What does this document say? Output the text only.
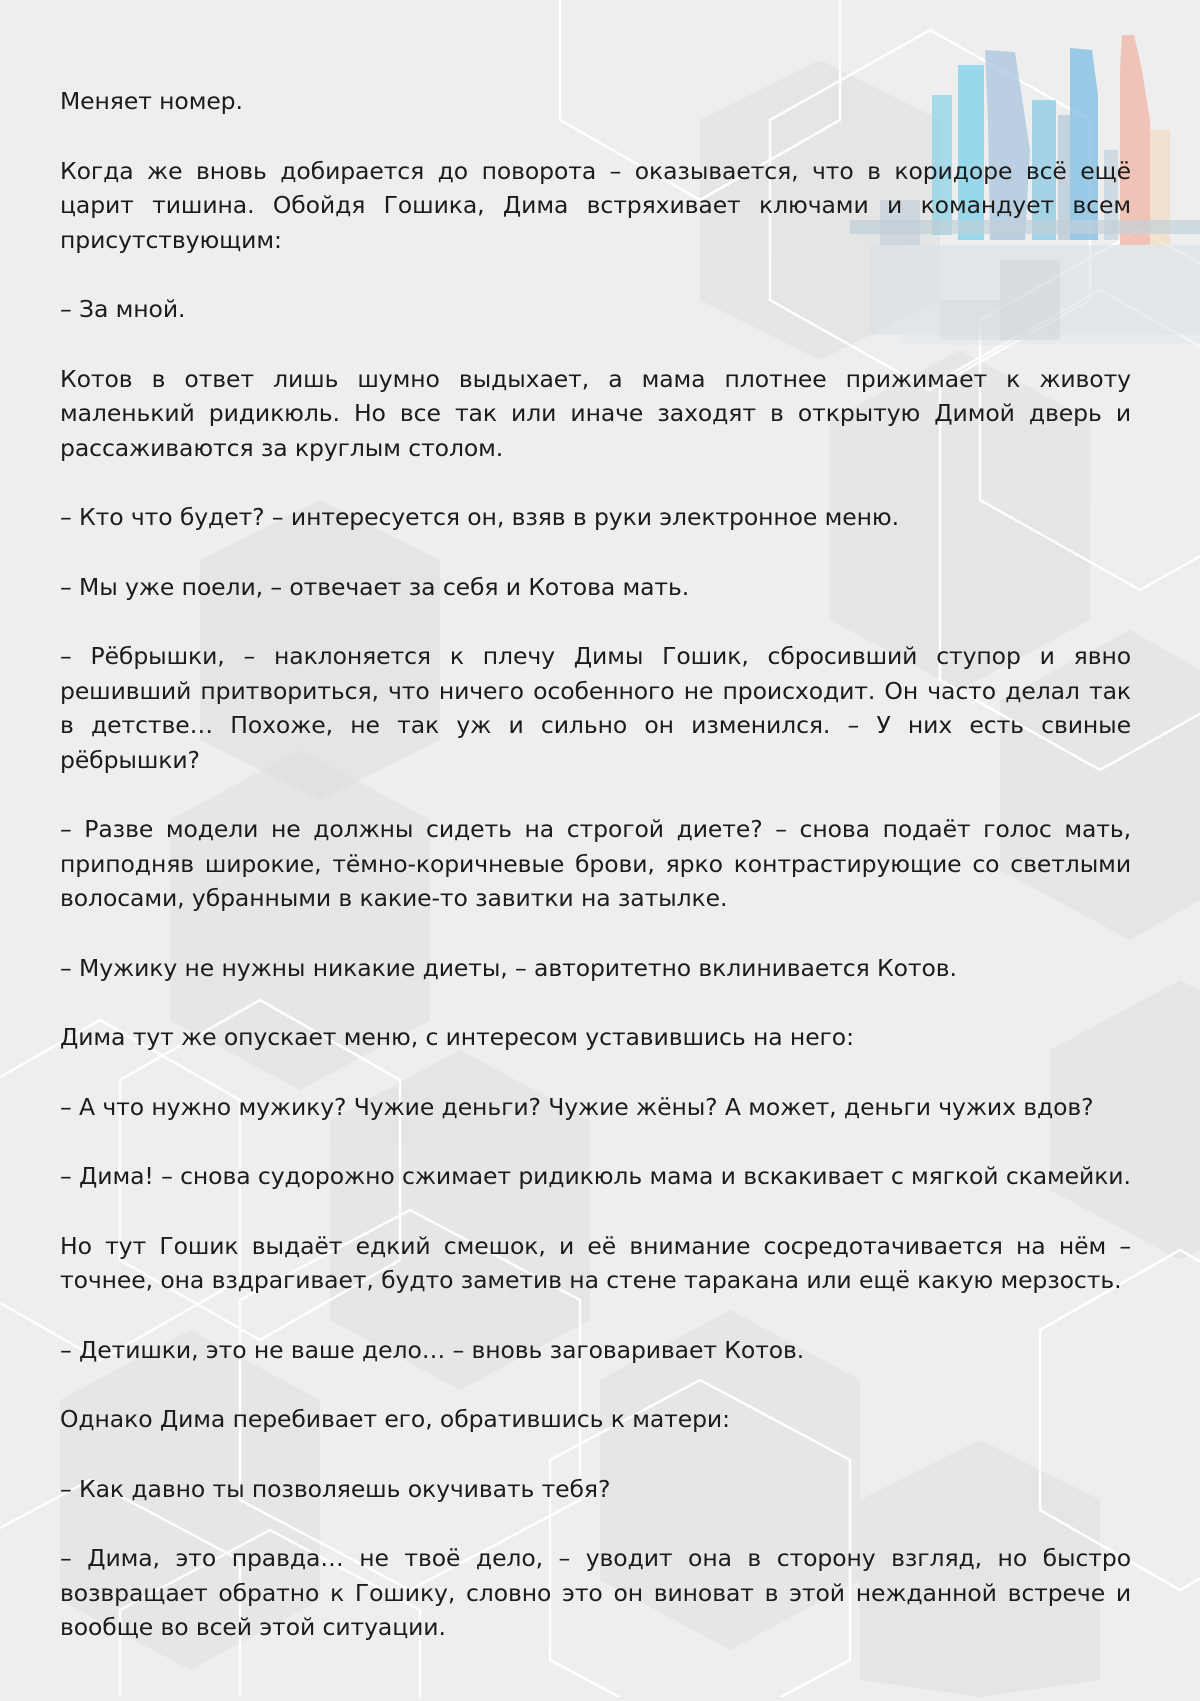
Меняет номер.

Когда же вновь добирается до поворота – оказывается, что в коридоре всё ещё царит тишина. Обойдя Гошика, Дима встряхивает ключами и командует всем присутствующим:

– За мной.

Котов в ответ лишь шумно выдыхает, а мама плотнее прижимает к животу маленький ридикюль. Но все так или иначе заходят в открытую Димой дверь и рассаживаются за круглым столом.

– Кто что будет? – интересуется он, взяв в руки электронное меню.

– Мы уже поели, – отвечает за себя и Котова мать.

– Рёбрышки, – наклоняется к плечу Димы Гошик, сбросивший ступор и явно решивший притвориться, что ничего особенного не происходит. Он часто делал так в детстве… Похоже, не так уж и сильно он изменился. – У них есть свиные рёбрышки?

– Разве модели не должны сидеть на строгой диете? – снова подаёт голос мать, приподняв широкие, тёмно-коричневые брови, ярко контрастирующие со светлыми волосами, убранными в какие-то завитки на затылке.

– Мужику не нужны никакие диеты, – авторитетно вклинивается Котов.

Дима тут же опускает меню, с интересом уставившись на него:

– А что нужно мужику? Чужие деньги? Чужие жёны? А может, деньги чужих вдов?

– Дима! – снова судорожно сжимает ридикюль мама и вскакивает с мягкой скамейки.

Но тут Гошик выдаёт едкий смешок, и её внимание сосредотачивается на нём – точнее, она вздрагивает, будто заметив на стене таракана или ещё какую мерзость.

– Детишки, это не ваше дело… – вновь заговаривает Котов.

Однако Дима перебивает его, обратившись к матери:

– Как давно ты позволяешь окучивать тебя?

– Дима, это правда… не твоё дело, – уводит она в сторону взгляд, но быстро возвращает обратно к Гошику, словно это он виноват в этой нежданной встрече и вообще во всей этой ситуации.
